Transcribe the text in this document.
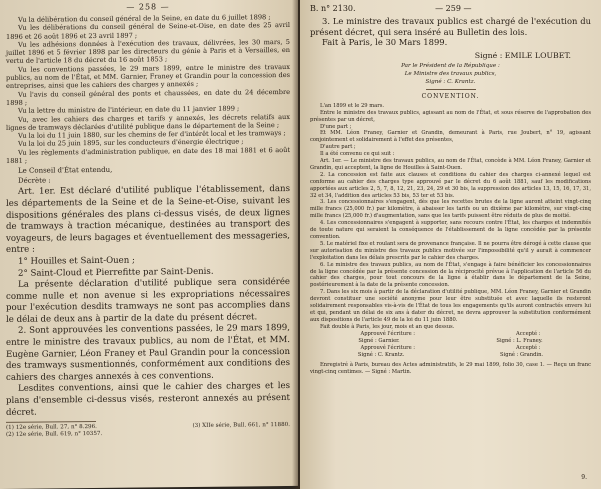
— 258 —

Vu la délibération du conseil général de la Seine, en date du 6 juillet 1898 ;

Vu les délibérations du conseil général de Seine-et-Oise, en date des 25 avril 1896 et 26 août 1896 et 23 avril 1897 ;

Vu les adhésions données à l'exécution des travaux, délivrées, les 30 mars, 5 juillet 1896 et 5 février 1898 par les directeurs du génie à Paris et à Versailles, en vertu de l'article 18 du décret du 16 août 1853 ;

Vu les conventions passées, le 29 mars 1899, entre le ministre des travaux publics, au nom de l'État, et MM. Garnier, Franey et Grandin pour la concession des entreprises, ainsi que les cahiers des charges y annexés ;

Vu l'avis du conseil général des ponts et chaussées, en date du 24 décembre 1898 ;

Vu la lettre du ministre de l'intérieur, en date du 11 janvier 1899 ;

Vu, avec les cahiers des charges et tarifs y annexés, les décrets relatifs aux lignes de tramways déclarées d'utilité publique dans le département de la Seine ;

Vu la loi du 11 juin 1880, sur les chemins de fer d'intérêt local et les tramways ;

Vu la loi du 25 juin 1895, sur les conducteurs d'énergie électrique ;

Vu les règlements d'administration publique, en date des 18 mai 1881 et 6 août 1881 ;

Le Conseil d'État entendu,

Décrète :

Art. 1er. Est déclaré d'utilité publique l'établissement, dans les départements de la Seine et de la Seine-et-Oise, suivant les dispositions générales des plans ci-dessus visés, de deux lignes de tramways à traction mécanique, destinées au transport des voyageurs, de leurs bagages et éventuellement des messageries, entre :

1° Houilles et Saint-Ouen ;

2° Saint-Cloud et Pierrefitte par Saint-Denis.

La présente déclaration d'utilité publique sera considérée comme nulle et non avenue si les expropriations nécessaires pour l'exécution desdits tramways ne sont pas accomplies dans le délai de deux ans à partir de la date du présent décret.

2. Sont approuvées les conventions passées, le 29 mars 1899, entre le ministre des travaux publics, au nom de l'État, et MM. Eugène Garnier, Léon Franey et Paul Grandin pour la concession des tramways susmentionnés, conformément aux conditions des cahiers des charges annexés à ces conventions.

Lesdites conventions, ainsi que le cahier des charges et les plans d'ensemble ci-dessus visés, resteront annexés au présent décret.

(1) 12e série, Bull. 27, n° 8.296.
(2) 12e série, Bull. 619, n° 10357.
(3) XIIe série, Bull. 661, n° 11880.
B. n° 2130.	— 259 —

3. Le ministre des travaux publics est chargé de l'exécution du présent décret, qui sera inséré au Bulletin des lois.

Fait à Paris, le 30 Mars 1899.

Signé : EMILE LOUBET.
Par le Président de la République :
Le Ministre des travaux publics,
Signé : C. Krantz.
CONVENTION.

L'an 1899 et le 29 mars.

Entre le ministre des travaux publics, agissant au nom de l'État, et sous réserve de l'approbation des présentes par un décret,

D'une part ;

Et MM. Léon Franey, Garnier et Grandin, demeurant à Paris, rue Joubert, n° 19, agissant conjointement et solidairement à l'effet des présentes,

D'autre part ;

Il a été convenu ce qui suit :

Art. 1er. — Le ministre des travaux publics, au nom de l'État, concède à MM. Léon Franey, Garnier et Grandin, qui acceptent, la ligne de Houilles à Saint-Ouen.

2. La concession est faite aux clauses et conditions du cahier des charges ci-annexé lequel est conforme au cahier des charges type approuvé par le décret du 6 août 1881, sauf les modifications apportées aux articles 2, 5, 7, 8, 12, 21, 23, 24, 29 et 30 bis, la suppression des articles 13, 15, 16, 17, 31, 32 et 34, l'addition des articles 53 bis, 53 ter et 53 bis.

3. Les concessionnaires s'engagent, dès que les recettes brutes de la ligne auront atteint vingt-cinq mille francs (25,000 fr.) par kilomètre, à abaisser les tarifs ou un dixième par kilomètre, sur vingt-cinq mille francs (25,000 fr.) d'augmentation, sans que les tarifs puissent être réduits de plus de moitié.

4. Les concessionnaires s'engagent à supporter, sans recours contre l'État, les charges et indemnités de toute nature qui seraient la conséquence de l'établissement de la ligne concédée par la présente convention.

5. Le matériel fixe et roulant sera de provenance française. Il ne pourra être dérogé à cette clause que sur autorisation du ministre des travaux publics motivée sur l'impossibilité qu'il y aurait à commencer l'exploitation dans les délais prescrits par le cahier des charges.

6. Le ministre des travaux publics, au nom de l'État, s'engage à faire bénéficier les concessionnaires de la ligne concédée par la présente concession de la réciprocité prévue à l'application de l'article 56 du cahier des charges, pour tout concours de la ligne à établir dans le département de la Seine, postérieurement à la date de la présente concession.

7. Dans les six mois à partir de la déclaration d'utilité publique, MM. Léon Franey, Garnier et Grandin devront constituer une société anonyme pour leur être substituée et avec laquelle ils resteront solidairement responsables vis-à-vis de l'État de tous les engagements qu'ils auront contractés envers lui et qui, pendant un délai de six ans à dater du décret, ne devra approuver la substitution conformément aux dispositions de l'article 49 de la loi du 11 juin 1880.

Fait double à Paris, les jour, mois et an que dessus.

Approuvé l'écriture :	Accepté :
Signé : Garnier.	Signé : L. Franey.
Approuvé l'écriture :	Accepté :
Signé : C. Krantz.	Signé : Grandin.

Enregistré à Paris, bureau des Actes administratifs, le 29 mai 1899, folio 30, case 1. — Reçu un franc vingt-cinq centimes. — Signé : Martin.

9.
